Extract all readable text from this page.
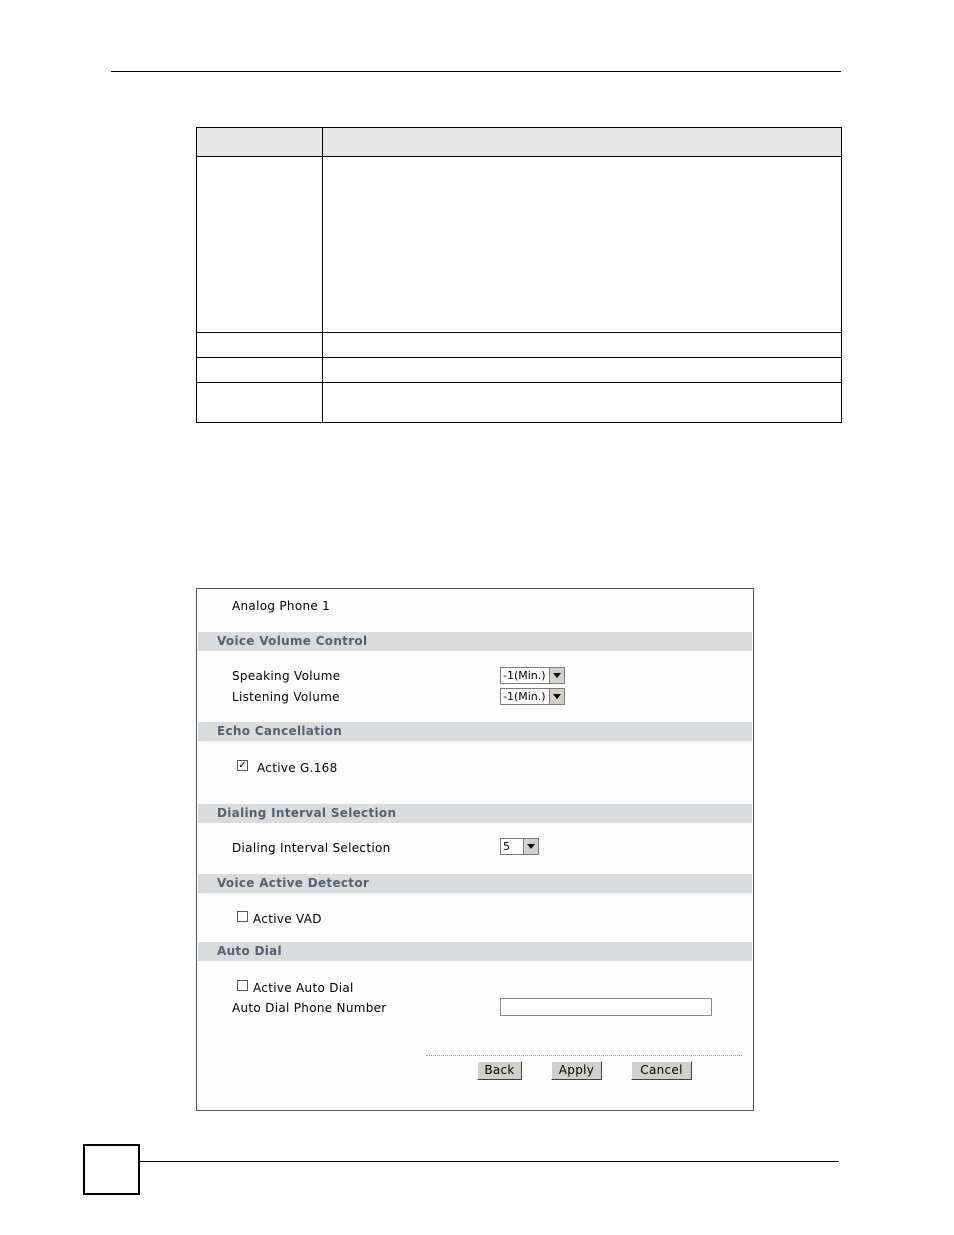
Analog Phone 1
Voice Volume Control
Speaking Volume	-1(Min.)
Listening Volume	-1(Min.)
Echo Cancellation
✓ Active G.168
Dialing Interval Selection
Dialing Interval Selection	5
Voice Active Detector
Active VAD
Auto Dial
Active Auto Dial
Auto Dial Phone Number
Back	Apply	Cancel
